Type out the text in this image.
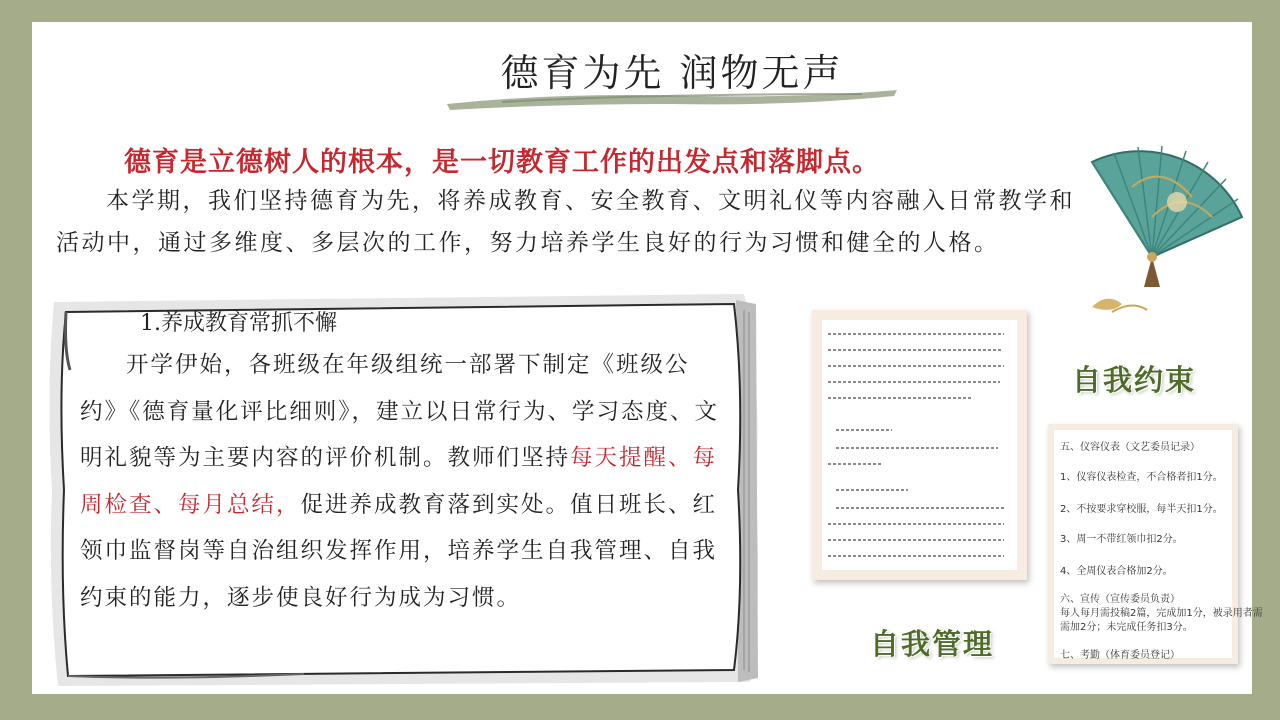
德育为先 润物无声
德育是立德树人的根本，是一切教育工作的出发点和落脚点。
本学期，我们坚持德育为先，将养成教育、安全教育、文明礼仪等内容融入日常教学和活动中，通过多维度、多层次的工作，努力培养学生良好的行为习惯和健全的人格。
1.养成教育常抓不懈
开学伊始，各班级在年级组统一部署下制定《班级公约》《德育量化评比细则》，建立以日常行为、学习态度、文明礼貌等为主要内容的评价机制。教师们坚持每天提醒、每周检查、每月总结，促进养成教育落到实处。值日班长、红领巾监督岗等自治组织发挥作用，培养学生自我管理、自我约束的能力，逐步使良好行为成为习惯。
五、仪容仪表（文艺委员记录）
1、仪容仪表检查，不合格者扣1分。
2、不按要求穿校服，每半天扣1分。
3、周一不带红领巾扣2分。
4、全周仪表合格加2分。
六、宣传（宣传委员负责）
每人每月需投稿2篇，完成加1分，被录用者需
需加2分；未完成任务扣3分。
七、考勤（体育委员登记）
自我约束
自我管理
